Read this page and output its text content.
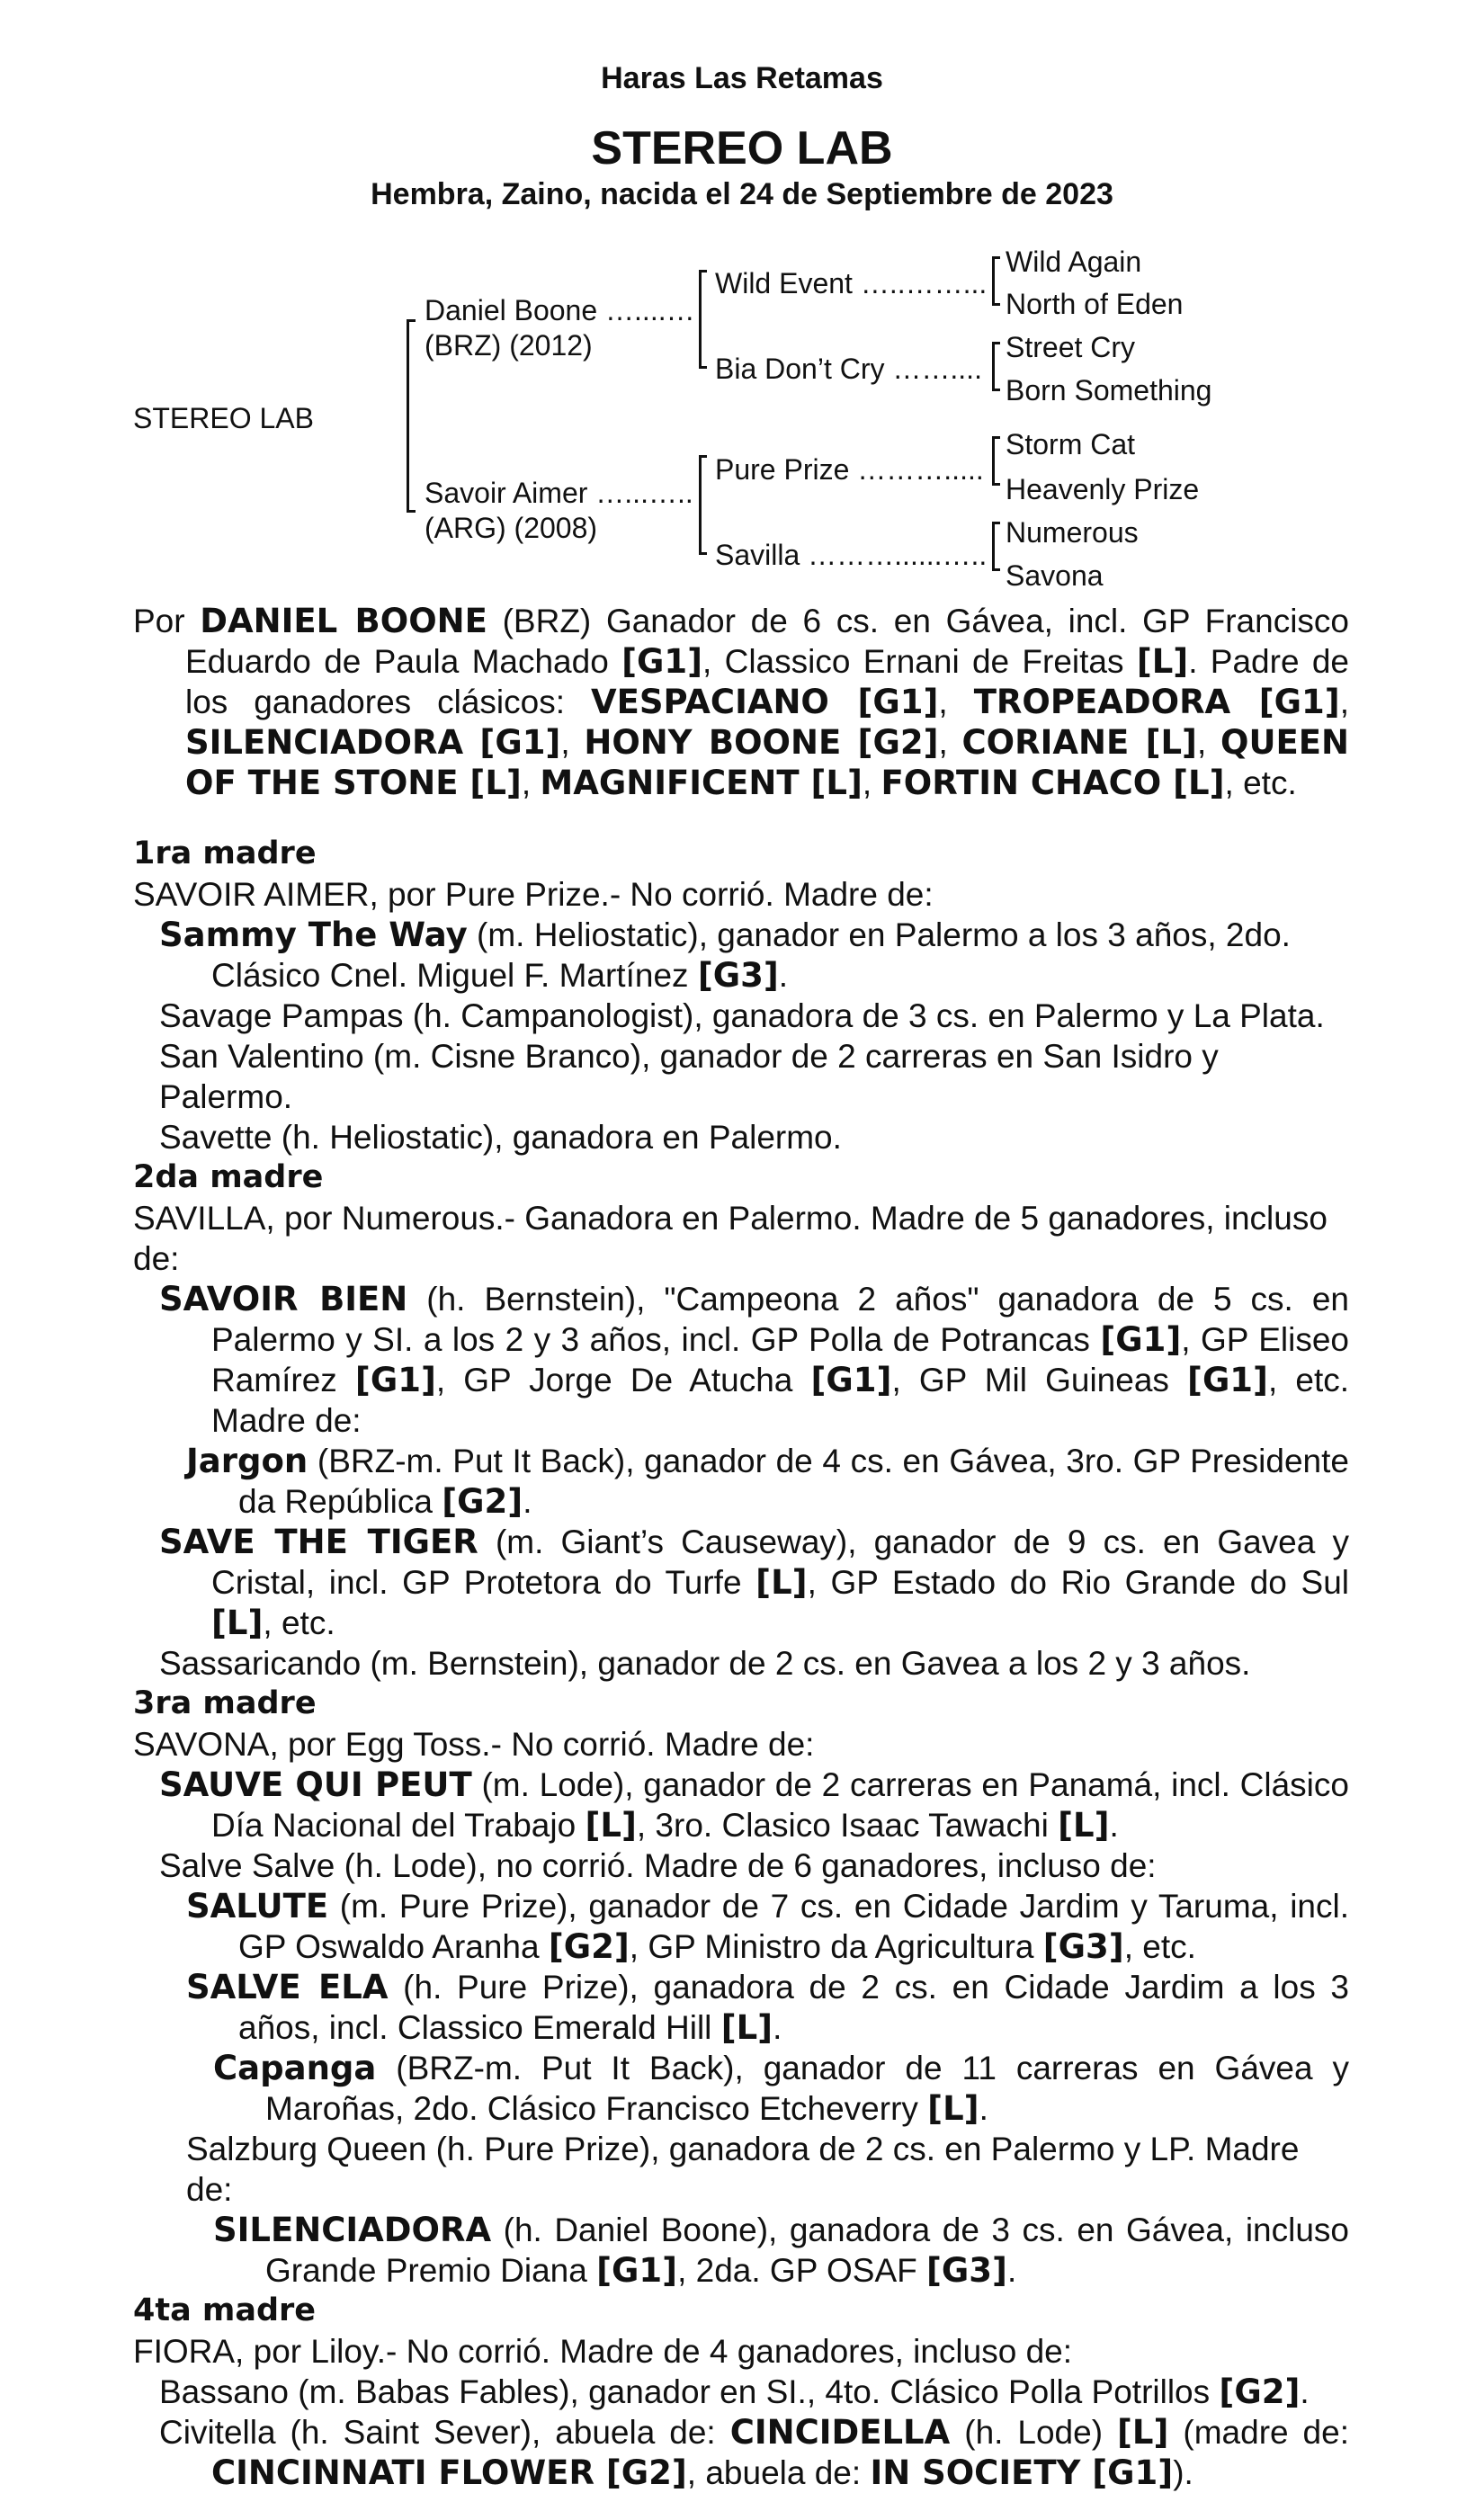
Haras Las Retamas
STEREO LAB
Hembra, Zaino, nacida el 24 de Septiembre de 2023
STEREO LAB
Daniel Boone …....…
(BRZ) (2012)
Savoir Aimer …...…..
(ARG) (2008)
Wild Event …..……...
Bia Don’t Cry ……....
Pure Prize ……….....
Savilla ………......…..
Wild Again
North of Eden
Street Cry
Born Something
Storm Cat
Heavenly Prize
Numerous
Savona

Por DANIEL BOONE (BRZ) Ganador de 6 cs. en Gávea, incl. GP Francisco Eduardo de Paula Machado [G1], Classico Ernani de Freitas [L]. Padre de los ganadores clásicos: VESPACIANO [G1], TROPEADORA [G1], SILENCIADORA [G1], HONY BOONE [G2], CORIANE [L], QUEEN OF THE STONE [L], MAGNIFICENT [L], FORTIN CHACO [L], etc.

1ra madre

SAVOIR AIMER, por Pure Prize.- No corrió. Madre de:

Sammy The Way (m. Heliostatic), ganador en Palermo a los 3 años, 2do. Clásico Cnel. Miguel F. Martínez [G3].

Savage Pampas (h. Campanologist), ganadora de 3 cs. en Palermo y La Plata.

San Valentino (m. Cisne Branco), ganador de 2 carreras en San Isidro y Palermo.

Savette (h. Heliostatic), ganadora en Palermo.

2da madre

SAVILLA, por Numerous.- Ganadora en Palermo. Madre de 5 ganadores, incluso de:

SAVOIR BIEN (h. Bernstein), "Campeona 2 años" ganadora de 5 cs. en Palermo y SI. a los 2 y 3 años, incl. GP Polla de Potrancas [G1], GP Eliseo Ramírez [G1], GP Jorge De Atucha [G1], GP Mil Guineas [G1], etc. Madre de:

Jargon (BRZ-m. Put It Back), ganador de 4 cs. en Gávea, 3ro. GP Presidente da República [G2].

SAVE THE TIGER (m. Giant’s Causeway), ganador de 9 cs. en Gavea y Cristal, incl. GP Protetora do Turfe [L], GP Estado do Rio Grande do Sul [L], etc.

Sassaricando (m. Bernstein), ganador de 2 cs. en Gavea a los 2 y 3 años.

3ra madre

SAVONA, por Egg Toss.- No corrió. Madre de:

SAUVE QUI PEUT (m. Lode), ganador de 2 carreras en Panamá, incl. Clásico Día Nacional del Trabajo [L], 3ro. Clasico Isaac Tawachi [L].

Salve Salve (h. Lode), no corrió. Madre de 6 ganadores, incluso de:

SALUTE (m. Pure Prize), ganador de 7 cs. en Cidade Jardim y Taruma, incl. GP Oswaldo Aranha [G2], GP Ministro da Agricultura [G3], etc.

SALVE ELA (h. Pure Prize), ganadora de 2 cs. en Cidade Jardim a los 3 años, incl. Classico Emerald Hill [L].

Capanga (BRZ-m. Put It Back), ganador de 11 carreras en Gávea y Maroñas, 2do. Clásico Francisco Etcheverry [L].

Salzburg Queen (h. Pure Prize), ganadora de 2 cs. en Palermo y LP. Madre de:

SILENCIADORA (h. Daniel Boone), ganadora de 3 cs. en Gávea, incluso Grande Premio Diana [G1], 2da. GP OSAF [G3].

4ta madre

FIORA, por Liloy.- No corrió. Madre de 4 ganadores, incluso de:

Bassano (m. Babas Fables), ganador en SI., 4to. Clásico Polla Potrillos [G2].

Civitella (h. Saint Sever), abuela de: CINCIDELLA (h. Lode) [L] (madre de: CINCINNATI FLOWER [G2], abuela de: IN SOCIETY [G1]).
